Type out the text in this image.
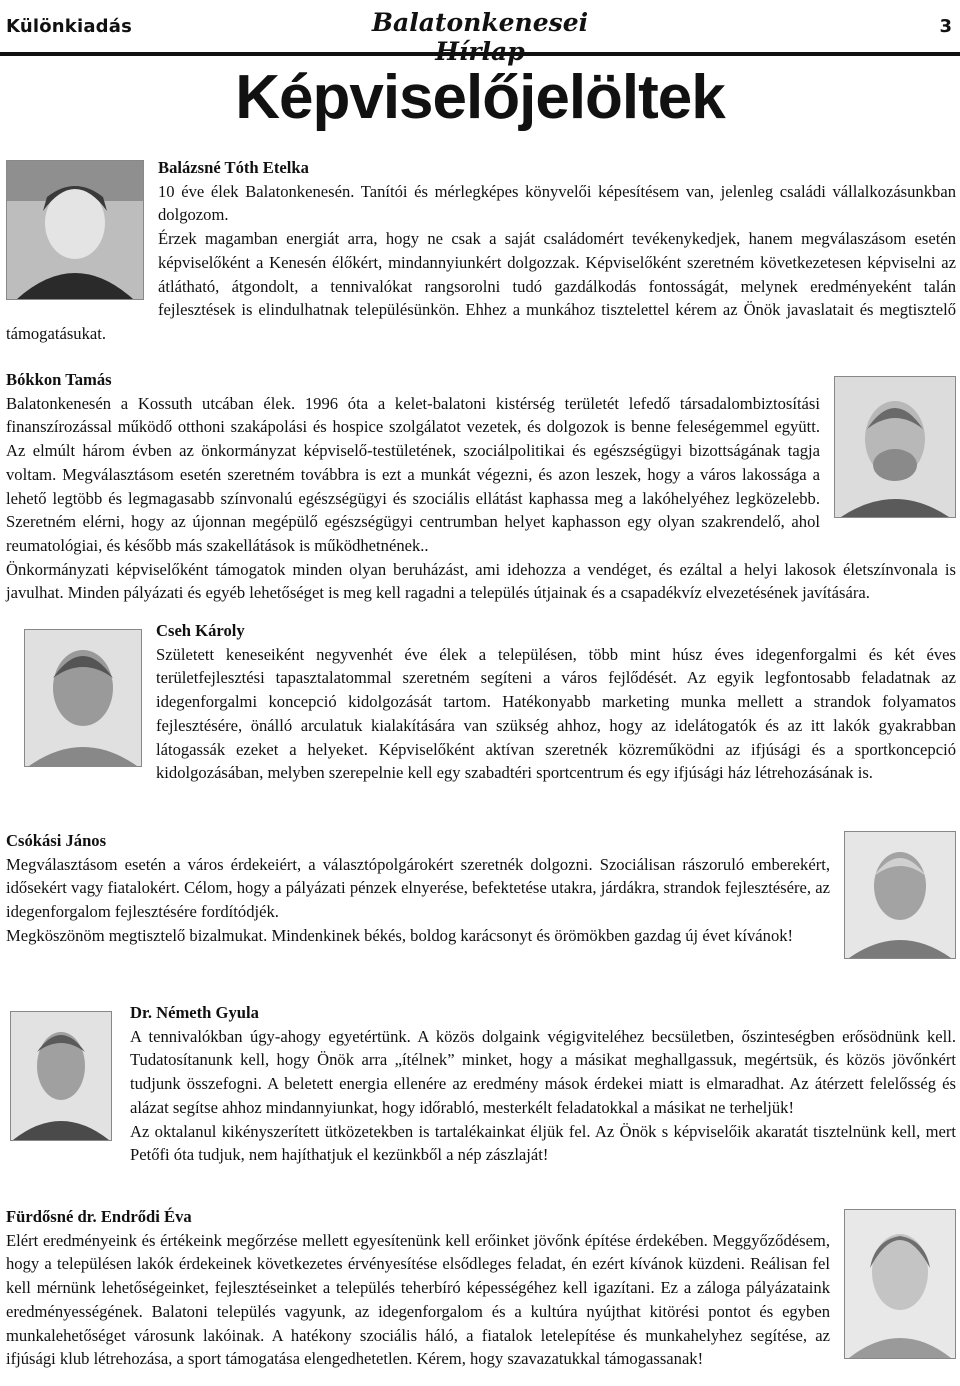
Különkiadás	Balatonkenesei	3
Képviselőjelöltek
Balázsné Tóth Etelka

10 éve élek Balatonkenesén. Tanítói és mérlegképes könyvelői képesítésem van, jelenleg családi vállalkozásunkban dolgozom.

Érzek magamban energiát arra, hogy ne csak a saját családomért tevékenykedjek, hanem megválaszásom esetén képviselőként a Kenesén élőkért, mindannyiunkért dolgozzak. Képviselőként szeretném következetesen képviselni az átlátható, átgondolt, a tennivalókat rangsorolni tudó gazdálkodás fontosságát, melynek eredményeként talán fejlesztések is elindulhatnak településünkön. Ehhez a munkához tisztelettel kérem az Önök javaslatait és megtisztelő támogatásukat.

Bókkon Tamás

Balatonkenesén a Kossuth utcában élek. 1996 óta a kelet-balatoni kistérség területét lefedő társadalombiztosítási finanszírozással működő otthoni szakápolási és hospice szolgálatot vezetek, és dolgozok is benne feleségemmel együtt. Az elmúlt három évben az önkormányzat képviselő-testületének, szociálpolitikai és egészségügyi bizottságának tagja voltam. Megválasztásom esetén szeretném továbbra is ezt a munkát végezni, és azon leszek, hogy a város lakossága a lehető legtöbb és legmagasabb színvonalú egészségügyi és szociális ellátást kaphassa meg a lakóhelyéhez legközelebb. Szeretném elérni, hogy az újonnan megépülő egészségügyi centrumban helyet kaphasson egy olyan szakrendelő, ahol reumatológiai, és később más szakellátások is működhetnének..

Önkormányzati képviselőként támogatok minden olyan beruházást, ami idehozza a vendéget, és ezáltal a helyi lakosok életszínvonala is javulhat. Minden pályázati és egyéb lehetőséget is meg kell ragadni a település útjainak és a csapadékvíz elvezetésének javítására.

Cseh Károly

Született keneseiként negyvenhét éve élek a településen, több mint húsz éves idegenforgalmi és két éves területfejlesztési tapasztalatommal szeretném segíteni a város fejlődését. Az egyik legfontosabb feladatnak az idegenforgalmi koncepció kidolgozását tartom. Hatékonyabb marketing munka mellett a strandok folyamatos fejlesztésére, önálló arculatuk kialakítására van szükség ahhoz, hogy az idelátogatók és az itt lakók gyakrabban látogassák ezeket a helyeket. Képviselőként aktívan szeretnék közreműködni az ifjúsági és a sportkoncepció kidolgozásában, melyben szerepelnie kell egy szabadtéri sportcentrum és egy ifjúsági ház létrehozásának is.

Csókási János

Megválasztásom esetén a város érdekeiért, a választópolgárokért szeretnék dolgozni. Szociálisan rászoruló emberekért, idősekért vagy fiatalokért. Célom, hogy a pályázati pénzek elnyerése, befektetése utakra, járdákra, strandok fejlesztésére, az idegenforgalom fejlesztésére fordítódjék.

Megköszönöm megtisztelő bizalmukat. Mindenkinek békés, boldog karácsonyt és örömökben gazdag új évet kívánok!

Dr. Németh Gyula

A tennivalókban úgy-ahogy egyetértünk. A közös dolgaink végigviteléhez becsületben, őszinteségben erősödnünk kell. Tudatosítanunk kell, hogy Önök arra „ítélnek” minket, hogy a másikat meghallgassuk, megértsük, és közös jövőnkért tudjunk összefogni. A beletett energia ellenére az eredmény mások érdekei miatt is elmaradhat. Az átérzett felelősség és alázat segítse ahhoz mindannyiunkat, hogy időrabló, mesterkélt feladatokkal a másikat ne terheljük!

Az oktalanul kikényszerített ütközetekben is tartalékainkat éljük fel. Az Önök s képviselőik akaratát tisztelnünk kell, mert Petőfi óta tudjuk, nem hajíthatjuk el kezünkből a nép zászlaját!

Fürdősné dr. Endrődi Éva

Elért eredményeink és értékeink megőrzése mellett egyesítenünk kell erőinket jövőnk építése érdekében. Meggyőződésem, hogy a településen lakók érdekeinek következetes érvényesítése elsődleges feladat, én ezért kívánok küzdeni. Reálisan fel kell mérnünk lehetőségeinket, fejlesztéseinket a település teherbíró képességéhez kell igazítani. Ez a záloga pályázataink eredményességének. Balatoni település vagyunk, az idegenforgalom és a kultúra nyújthat kitörési pontot és egyben munkalehetőséget városunk lakóinak. A hatékony szociális háló, a fiatalok letelepítése és munkahelyhez segítése, az ifjúsági klub létrehozása, a sport támogatása elengedhetetlen. Kérem, hogy szavazatukkal támogassanak!
